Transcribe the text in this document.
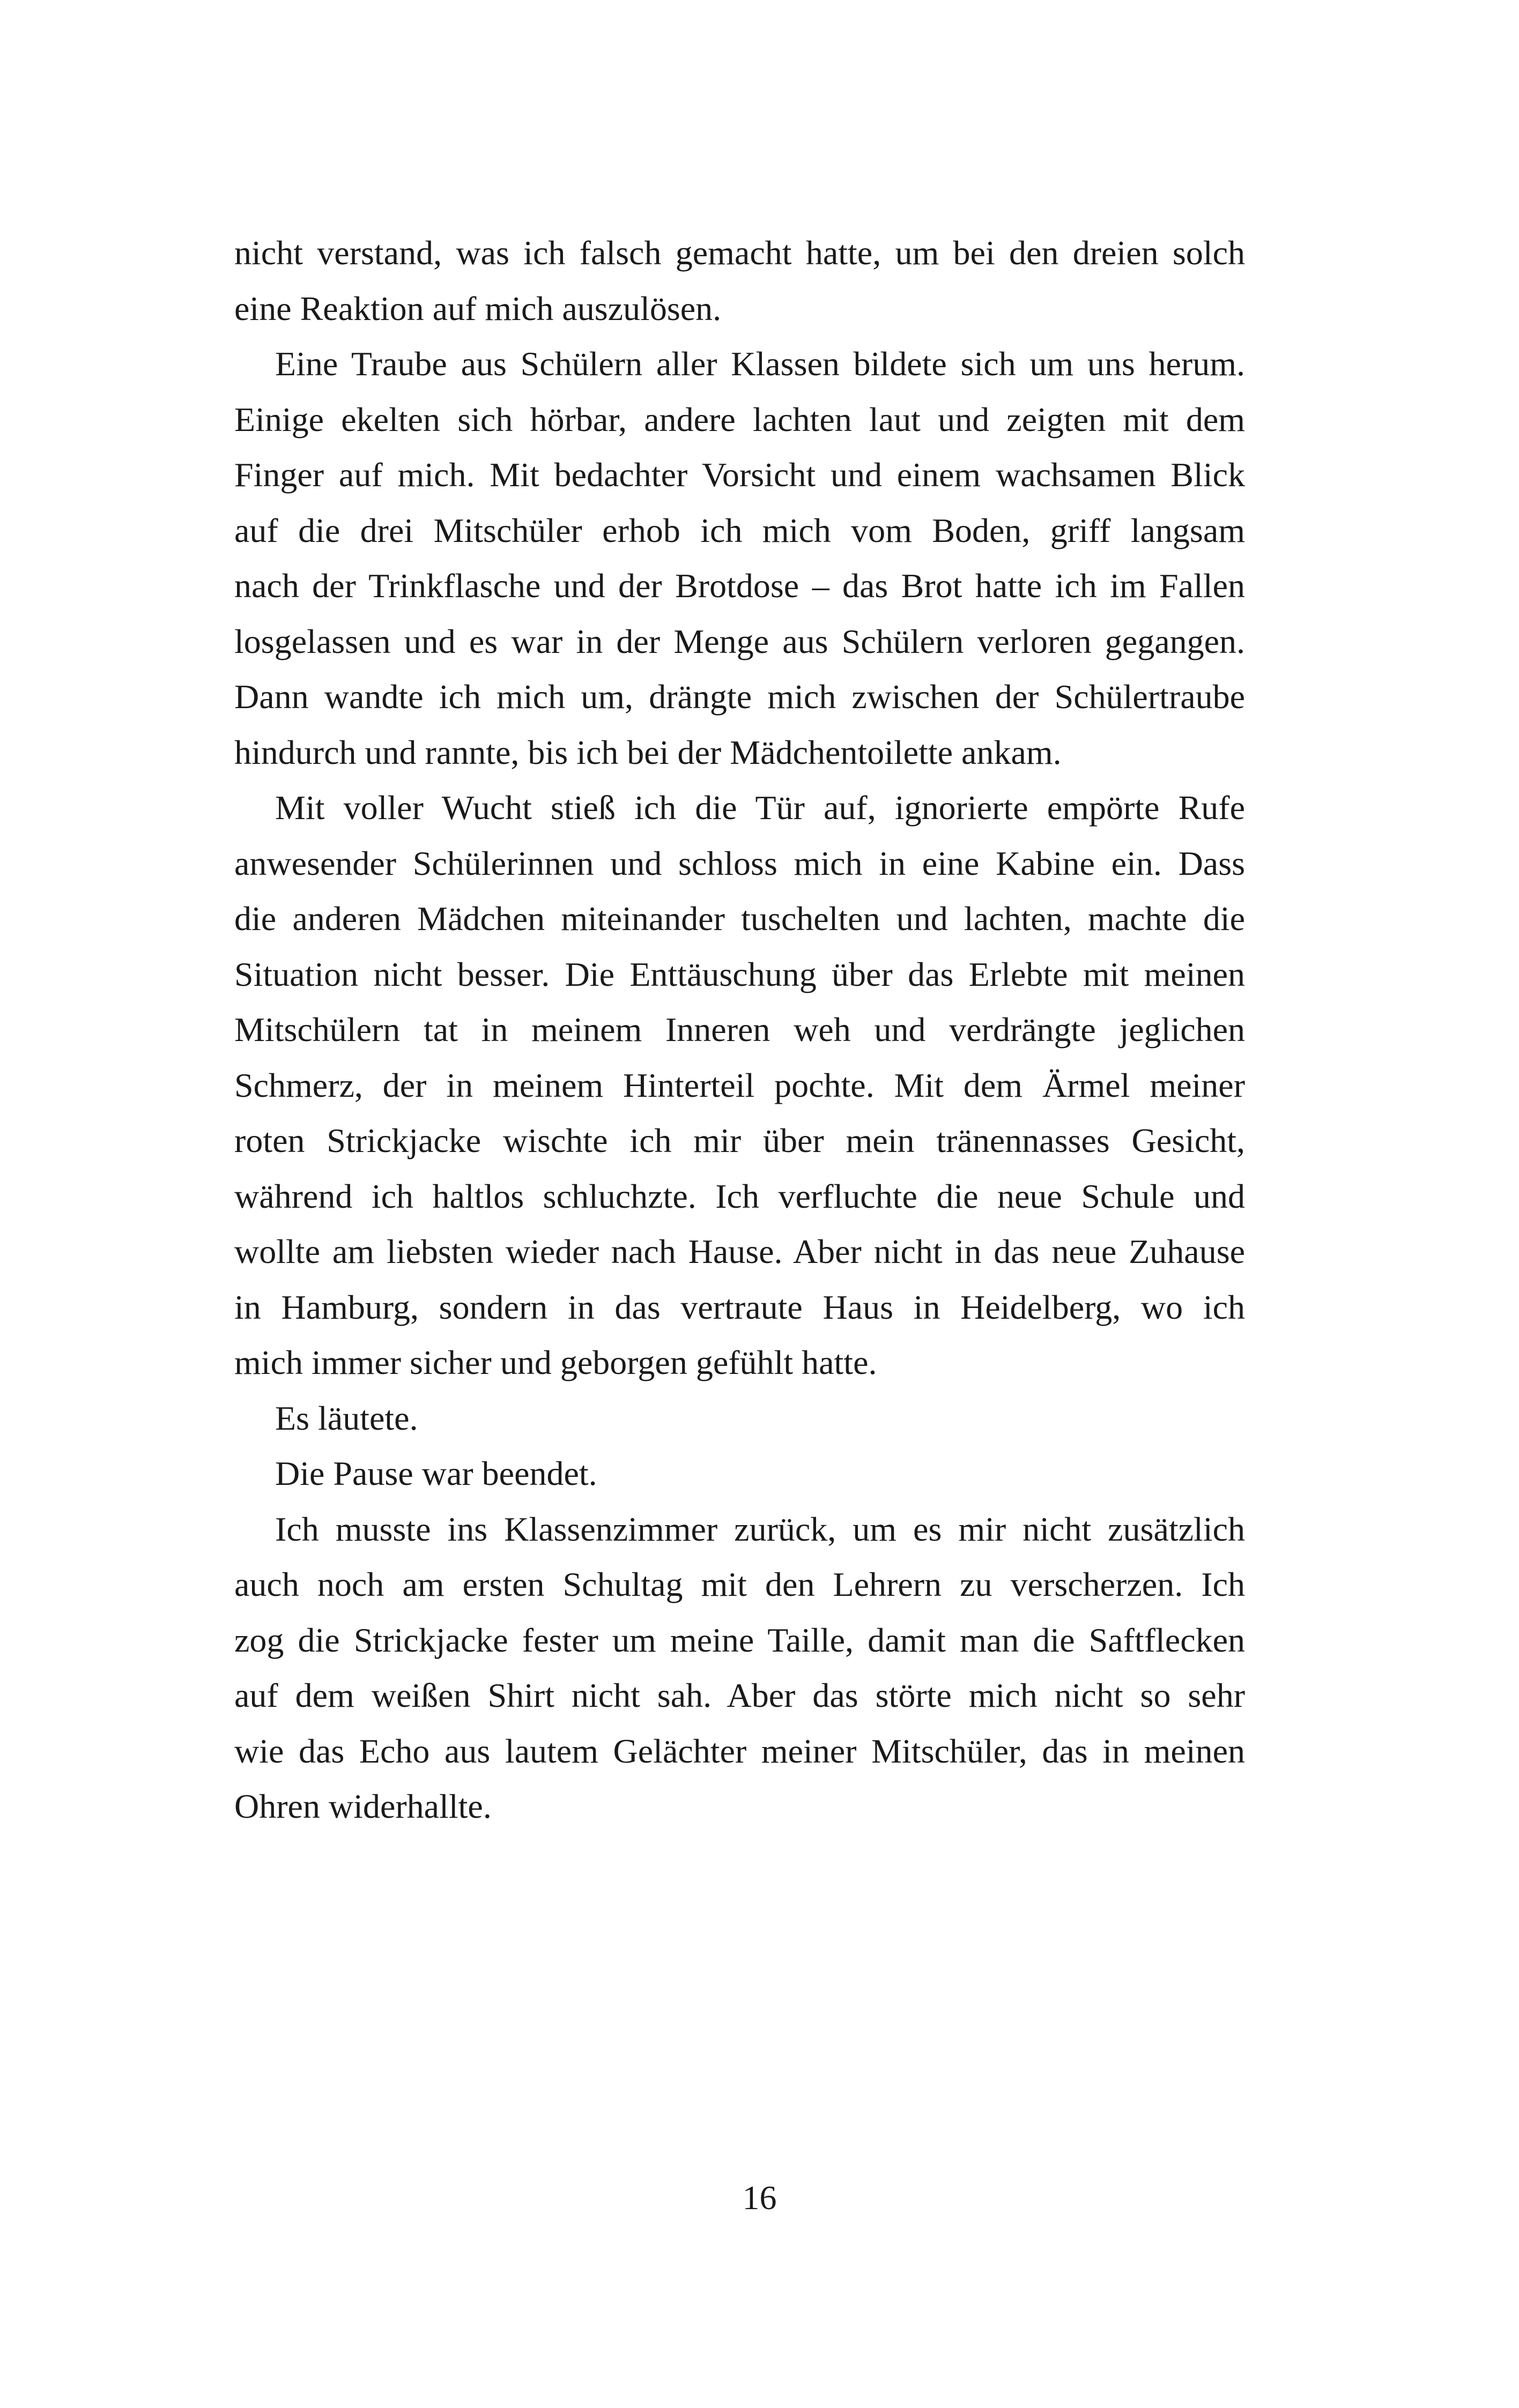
nicht verstand, was ich falsch gemacht hatte, um bei den dreien solch
eine Reaktion auf mich auszulösen.
Eine Traube aus Schülern aller Klassen bildete sich um uns herum.
Einige ekelten sich hörbar, andere lachten laut und zeigten mit dem
Finger auf mich. Mit bedachter Vorsicht und einem wachsamen Blick
auf die drei Mitschüler erhob ich mich vom Boden, griff langsam
nach der Trinkflasche und der Brotdose – das Brot hatte ich im Fallen
losgelassen und es war in der Menge aus Schülern verloren gegangen.
Dann wandte ich mich um, drängte mich zwischen der Schülertraube
hindurch und rannte, bis ich bei der Mädchentoilette ankam.
Mit voller Wucht stieß ich die Tür auf, ignorierte empörte Rufe
anwesender Schülerinnen und schloss mich in eine Kabine ein. Dass
die anderen Mädchen miteinander tuschelten und lachten, machte die
Situation nicht besser. Die Enttäuschung über das Erlebte mit meinen
Mitschülern tat in meinem Inneren weh und verdrängte jeglichen
Schmerz, der in meinem Hinterteil pochte. Mit dem Ärmel meiner
roten Strickjacke wischte ich mir über mein tränennasses Gesicht,
während ich haltlos schluchzte. Ich verfluchte die neue Schule und
wollte am liebsten wieder nach Hause. Aber nicht in das neue Zuhause
in Hamburg, sondern in das vertraute Haus in Heidelberg, wo ich
mich immer sicher und geborgen gefühlt hatte.
Es läutete.
Die Pause war beendet.
Ich musste ins Klassenzimmer zurück, um es mir nicht zusätzlich
auch noch am ersten Schultag mit den Lehrern zu verscherzen. Ich
zog die Strickjacke fester um meine Taille, damit man die Saftflecken
auf dem weißen Shirt nicht sah. Aber das störte mich nicht so sehr
wie das Echo aus lautem Gelächter meiner Mitschüler, das in meinen
Ohren widerhallte.
16
